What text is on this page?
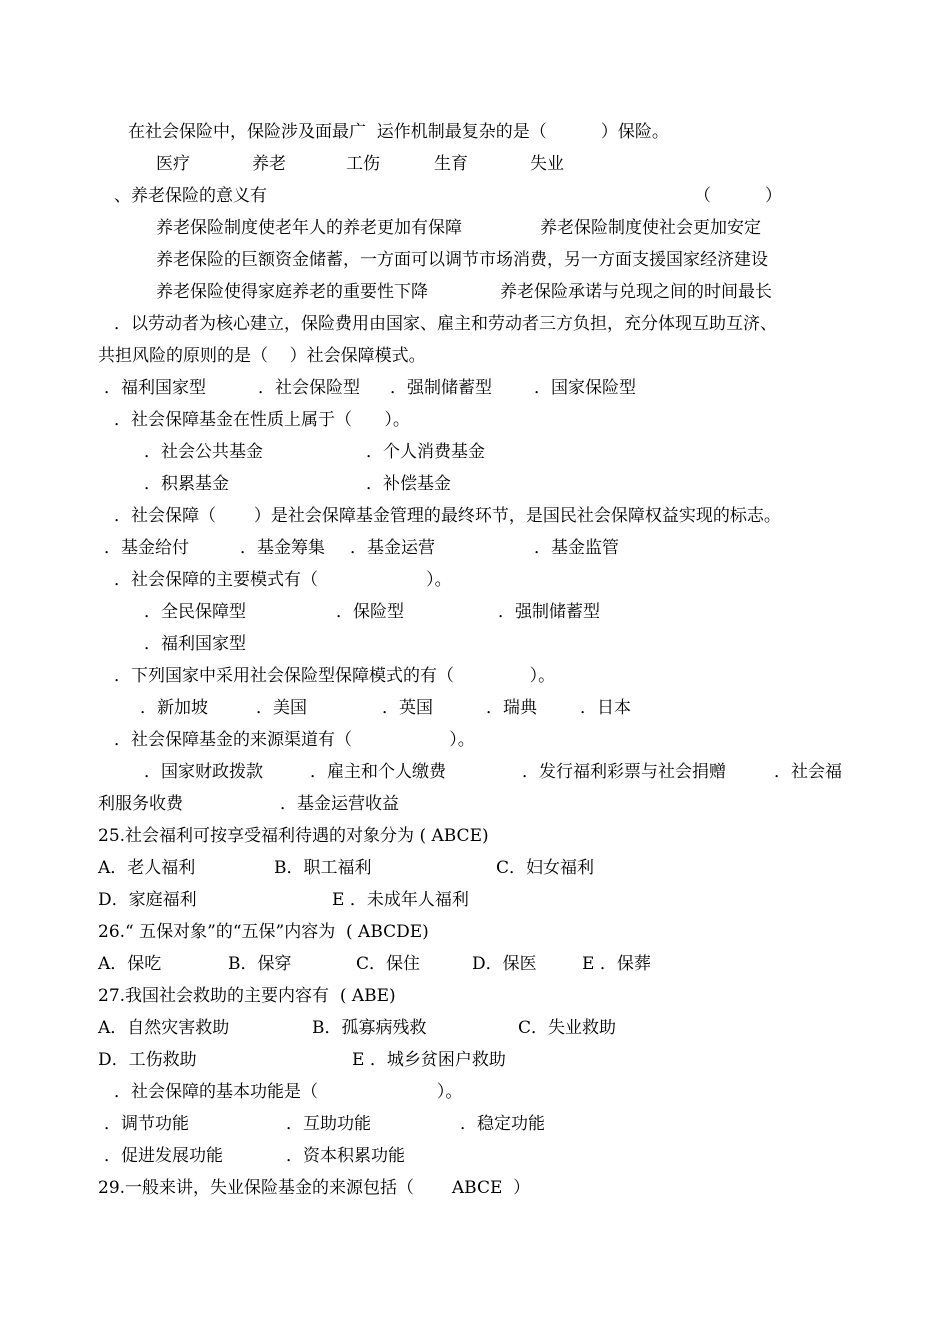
在社会保险中，保险涉及面最广  运作机制最复杂的是（          ）保险。
医疗	养老	工伤	生育	失业
、养老保险的意义有	（          ）
养老保险制度使老年人的养老更加有保障	养老保险制度使社会更加安定
养老保险的巨额资金储蓄，一方面可以调节市场消费，另一方面支援国家经济建设
养老保险使得家庭养老的重要性下降	养老保险承诺与兑现之间的时间最长
．以劳动者为核心建立，保险费用由国家、雇主和劳动者三方负担，充分体现互助互济、
共担风险的原则的是（    ）社会保障模式。
．福利国家型	．社会保险型 ．强制储蓄型 ．国家保险型
．社会保障基金在性质上属于（      ）。
．社会公共基金	．个人消费基金
．积累基金	．补偿基金
．社会保障（       ）是社会保障基金管理的最终环节，是国民社会保障权益实现的标志。
．基金给付	．基金筹集 ．基金运营	．基金监管
．社会保障的主要模式有（                    ）。
．全民保障型	．保险型	．强制储蓄型
．福利国家型
．下列国家中采用社会保险型保障模式的有（              ）。
．新加坡	．美国	．英国	．瑞典	．日本
．社会保障基金的来源渠道有（                  ）。
．国家财政拨款	．雇主和个人缴费	．发行福利彩票与社会捐赠	．社会福
利服务收费	．基金运营收益
25.社会福利可按享受福利待遇的对象分为 ( ABCE)
A．老人福利	B．职工福利	C．妇女福利
D．家庭福利	E ．未成年人福利
26.“ 五保对象”的“五保”内容为  ( ABCDE)
A．保吃	B．保穿	C．保住	D．保医	E ．保葬
27.我国社会救助的主要内容有  ( ABE)
A．自然灾害救助	B．孤寡病残救	C．失业救助
D．工伤救助	E ．城乡贫困户救助
．社会保障的基本功能是（                      ）。
．调节功能	．互助功能	．稳定功能
．促进发展功能	．资本积累功能
29.一般来讲，失业保险基金的来源包括（       ABCE  ）
